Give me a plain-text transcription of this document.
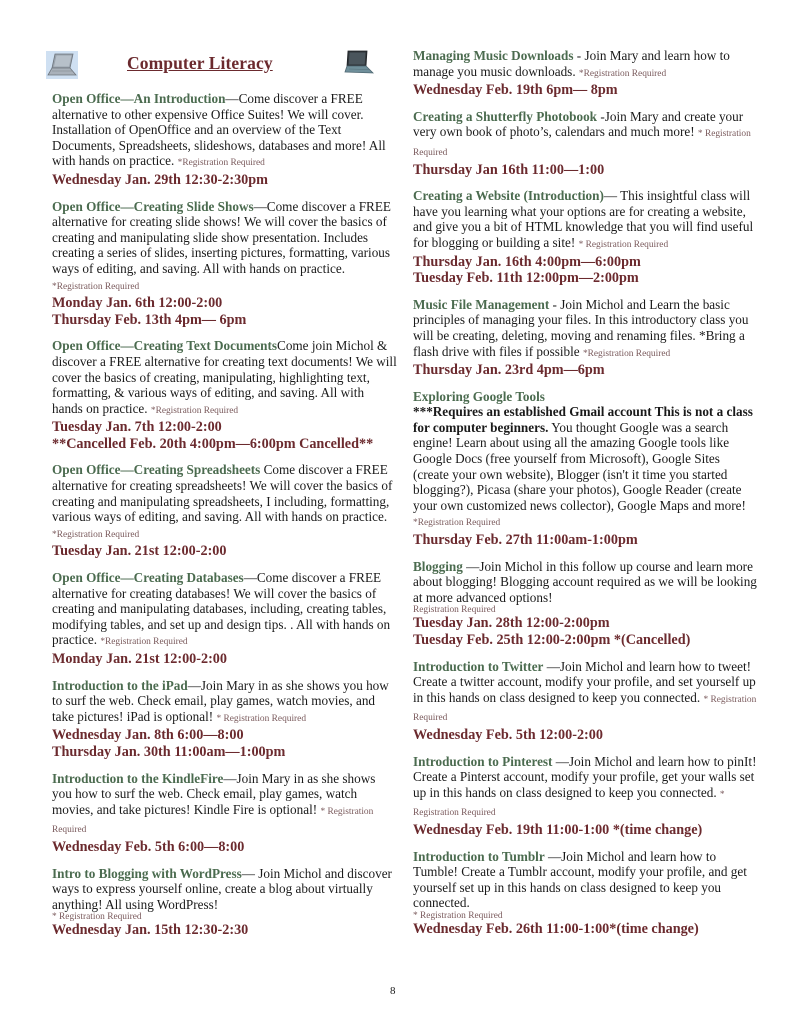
Computer Literacy
Open Office—An Introduction—Come discover a FREE alternative to other expensive Office Suites! We will cover. Installation of OpenOffice and an overview of the Text Documents, Spreadsheets, slideshows, databases and more! All with hands on practice. *Registration Required
Wednesday Jan. 29th 12:30-2:30pm
Open Office—Creating Slide Shows—Come discover a FREE alternative for creating slide shows! We will cover the basics of creating and manipulating slide show presentation. Includes creating a series of slides, inserting pictures, formatting, various ways of editing, and saving. All with hands on practice. *Registration Required
Monday Jan. 6th 12:00-2:00
Thursday Feb. 13th 4pm— 6pm
Open Office—Creating Text DocumentsCome join Michol & discover a FREE alternative for creating text documents! We will cover the basics of creating, manipulating, highlighting text, formatting, & various ways of editing, and saving. All with hands on practice. *Registration Required
Tuesday Jan. 7th 12:00-2:00
**Cancelled Feb. 20th 4:00pm—6:00pm Cancelled**
Open Office—Creating Spreadsheets Come discover a FREE alternative for creating spreadsheets! We will cover the basics of creating and manipulating spreadsheets, I including, formatting, various ways of editing, and saving. All with hands on practice. *Registration Required
Tuesday Jan. 21st 12:00-2:00
Open Office—Creating Databases—Come discover a FREE alternative for creating databases! We will cover the basics of creating and manipulating databases, including, creating tables, modifying tables, and set up and design tips. . All with hands on practice. *Registration Required
Monday Jan. 21st 12:00-2:00
Introduction to the iPad—Join Mary in as she shows you how to surf the web. Check email, play games, watch movies, and take pictures! iPad is optional! * Registration Required
Wednesday Jan. 8th 6:00—8:00
Thursday Jan. 30th 11:00am—1:00pm
Introduction to the KindleFire—Join Mary in as she shows you how to surf the web. Check email, play games, watch movies, and take pictures! Kindle Fire is optional! * Registration Required
Wednesday Feb. 5th 6:00—8:00
Intro to Blogging with WordPress— Join Michol and discover ways to express yourself online, create a blog about virtually anything! All using WordPress!
* Registration Required
Wednesday Jan. 15th 12:30-2:30
Managing Music Downloads - Join Mary and learn how to manage you music downloads. *Registration Required
Wednesday Feb. 19th 6pm— 8pm
Creating a Shutterfly Photobook -Join Mary and create your very own book of photo’s, calendars and much more! * Registration Required
Thursday Jan 16th 11:00—1:00
Creating a Website (Introduction)— This insightful class will have you learning what your options are for creating a website, and give you a bit of HTML knowledge that you will find useful for blogging or building a site! * Registration Required
Thursday Jan. 16th 4:00pm—6:00pm
Tuesday Feb. 11th 12:00pm—2:00pm
Music File Management - Join Michol and Learn the basic principles of managing your files. In this introductory class you will be creating, deleting, moving and renaming files. *Bring a flash drive with files if possible *Registration Required
Thursday Jan. 23rd 4pm—6pm
Exploring Google Tools
***Requires an established Gmail account This is not a class for computer beginners. You thought Google was a search engine! Learn about using all the amazing Google tools like Google Docs (free yourself from Microsoft), Google Sites (create your own website), Blogger (isn't it time you started blogging?), Picasa (share your photos), Google Reader (create your own customized news collector), Google Maps and more! *Registration Required
Thursday Feb. 27th 11:00am-1:00pm
Blogging —Join Michol in this follow up course and learn more about blogging! Blogging account required as we will be looking at more advanced options!
Registration Required
Tuesday Jan. 28th 12:00-2:00pm
Tuesday Feb. 25th 12:00-2:00pm *(Cancelled)
Introduction to Twitter —Join Michol and learn how to tweet! Create a twitter account, modify your profile, and set yourself up in this hands on class designed to keep you connected. * Registration Required
Wednesday Feb. 5th 12:00-2:00
Introduction to Pinterest —Join Michol and learn how to pinIt! Create a Pinterst account, modify your profile, get your walls set up in this hands on class designed to keep you connected. * Registration Required
Wednesday Feb. 19th 11:00-1:00 *(time change)
Introduction to Tumblr —Join Michol and learn how to Tumble! Create a Tumblr account, modify your profile, and get yourself set up in this hands on class designed to keep you connected.
* Registration Required
Wednesday Feb. 26th 11:00-1:00*(time change)
8
